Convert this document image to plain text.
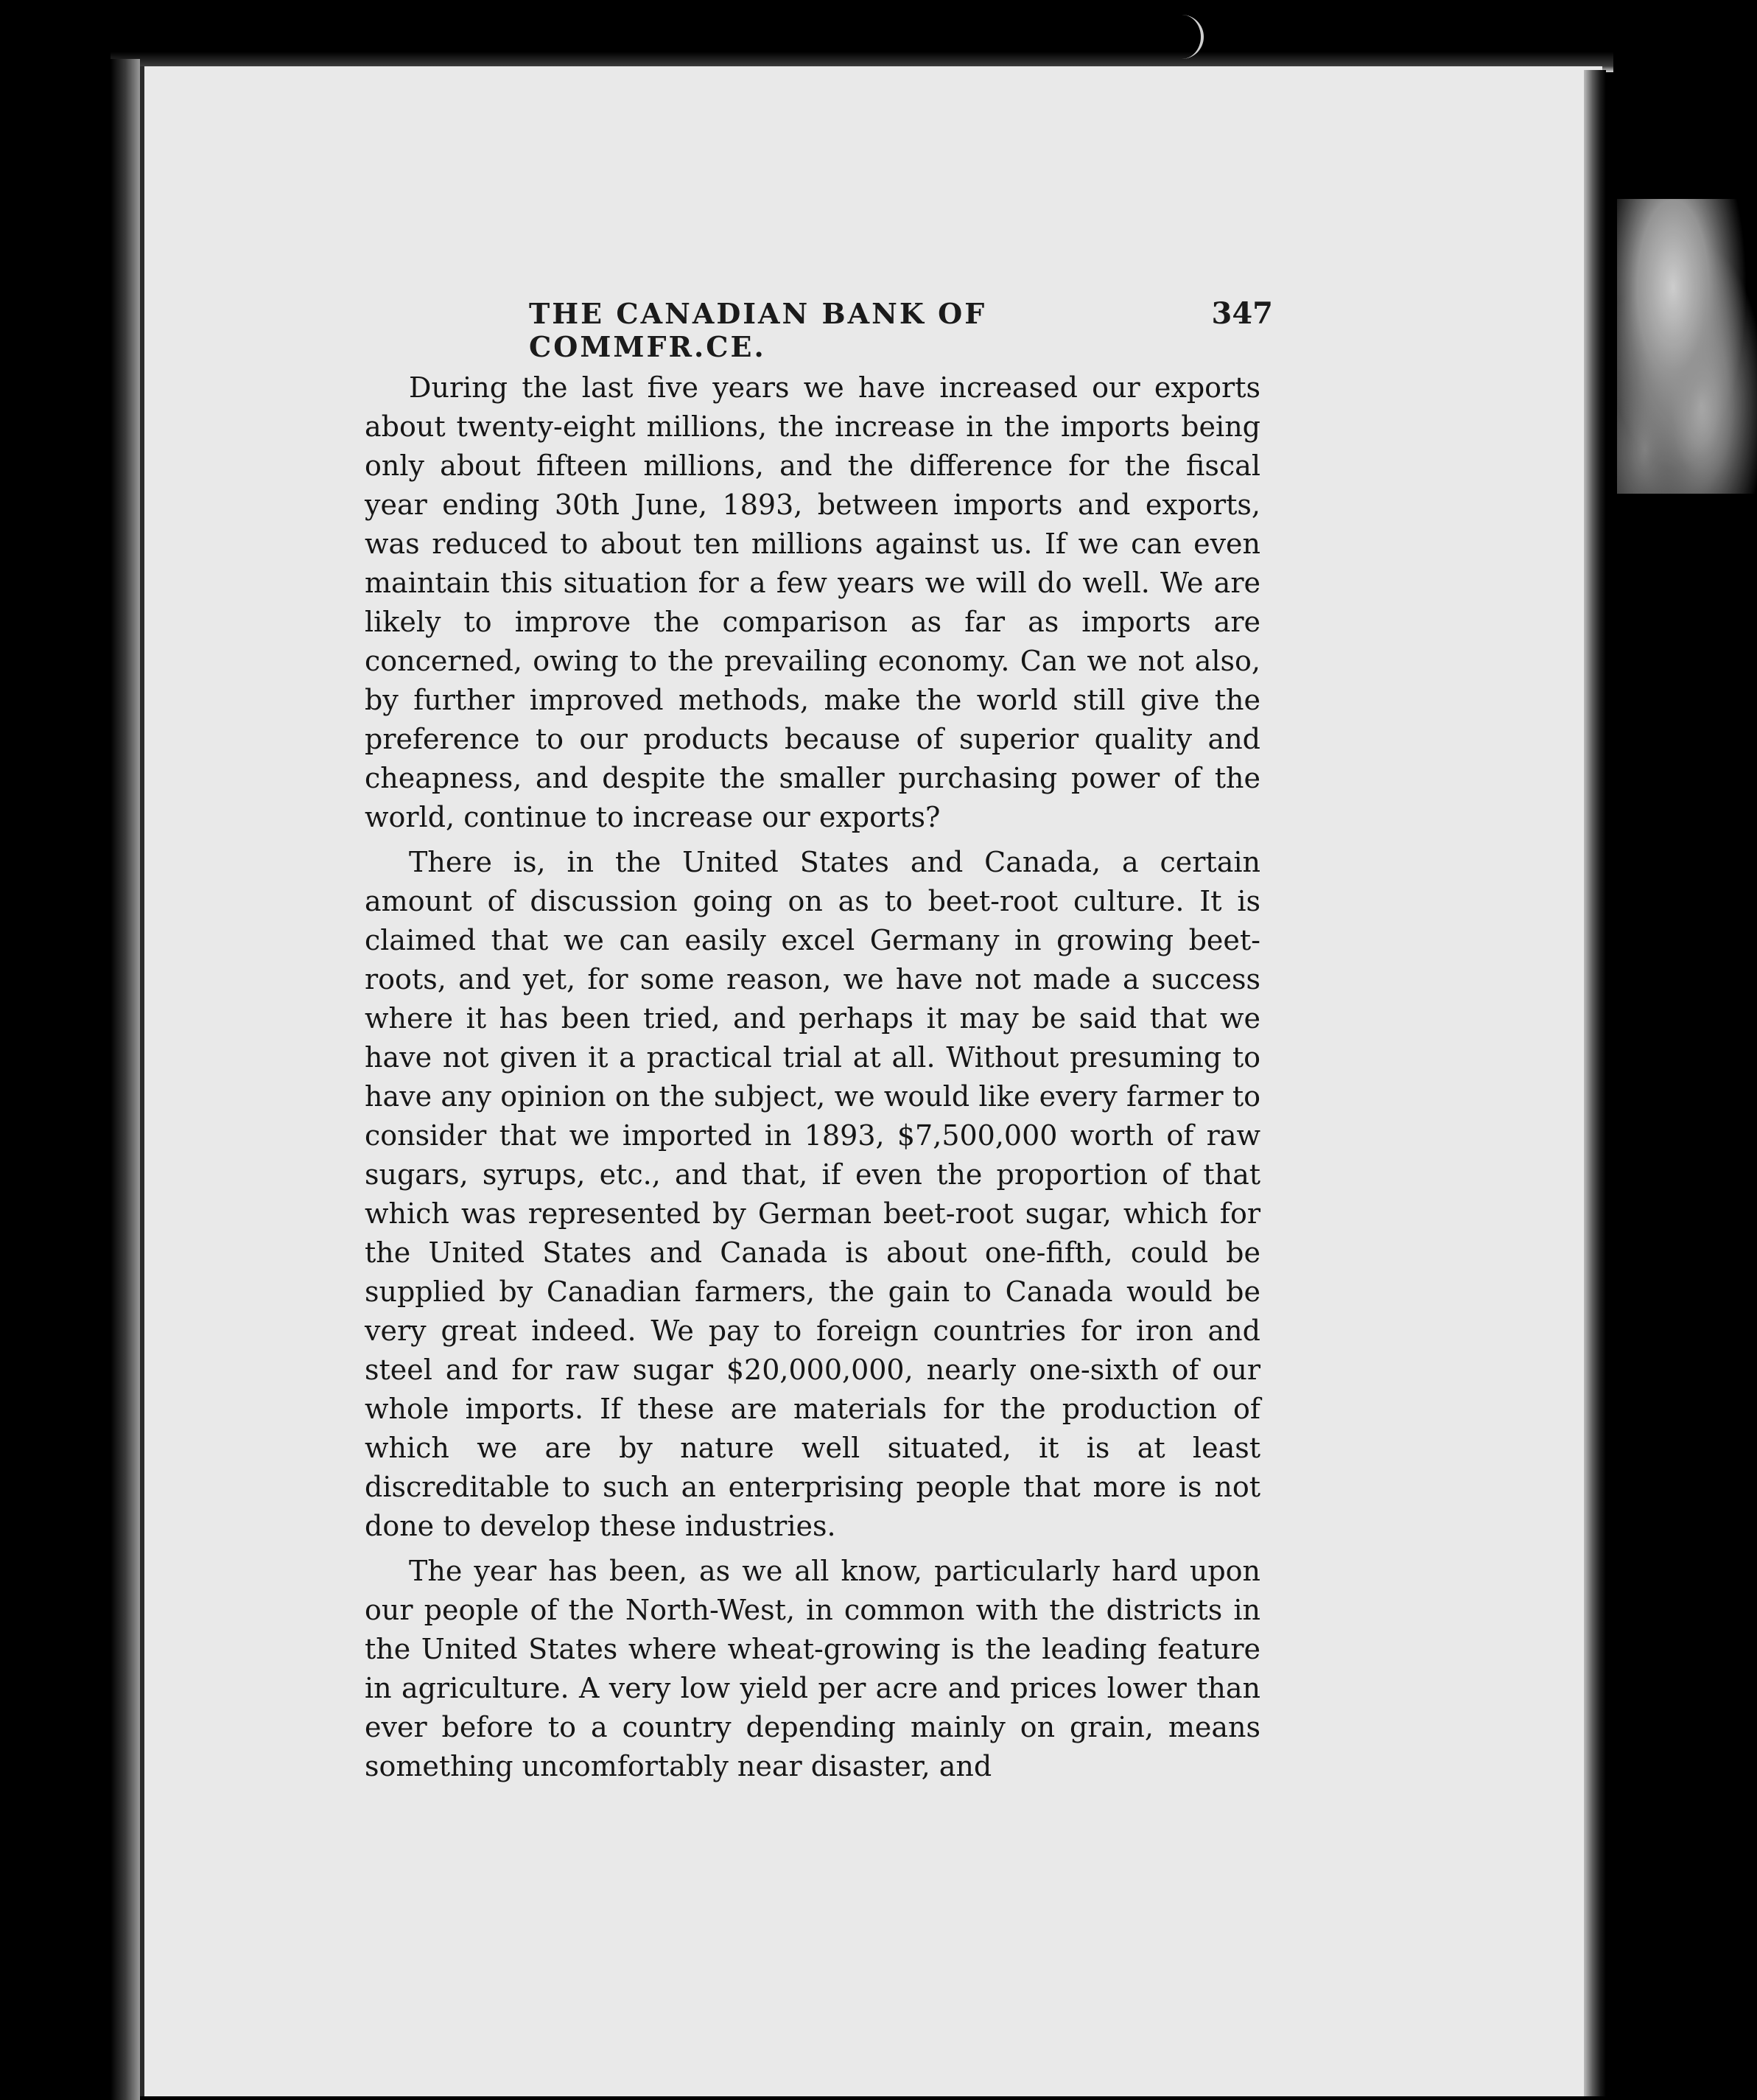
THE CANADIAN BANK OF COMMFR.CE.
347

During the last five years we have increased our exports about twenty-eight millions, the increase in the imports being only about fifteen millions, and the difference for the fiscal year ending 30th June, 1893, between imports and exports, was reduced to about ten millions against us. If we can even maintain this situation for a few years we will do well. We are likely to improve the comparison as far as imports are concerned, owing to the prevailing economy. Can we not also, by further improved methods, make the world still give the preference to our products because of superior quality and cheapness, and despite the smaller purchasing power of the world, continue to increase our exports?

There is, in the United States and Canada, a certain amount of discussion going on as to beet-root culture. It is claimed that we can easily excel Germany in growing beet-roots, and yet, for some reason, we have not made a success where it has been tried, and perhaps it may be said that we have not given it a practical trial at all. Without presuming to have any opinion on the subject, we would like every farmer to consider that we imported in 1893, $7,500,000 worth of raw sugars, syrups, etc., and that, if even the proportion of that which was represented by German beet-root sugar, which for the United States and Canada is about one-fifth, could be supplied by Canadian farmers, the gain to Canada would be very great indeed. We pay to foreign countries for iron and steel and for raw sugar $20,000,000, nearly one-sixth of our whole imports. If these are materials for the production of which we are by nature well situated, it is at least discreditable to such an enterprising people that more is not done to develop these industries.

The year has been, as we all know, particularly hard upon our people of the North-West, in common with the districts in the United States where wheat-growing is the leading feature in agriculture. A very low yield per acre and prices lower than ever before to a country depending mainly on grain, means something uncomfortably near disaster, and
